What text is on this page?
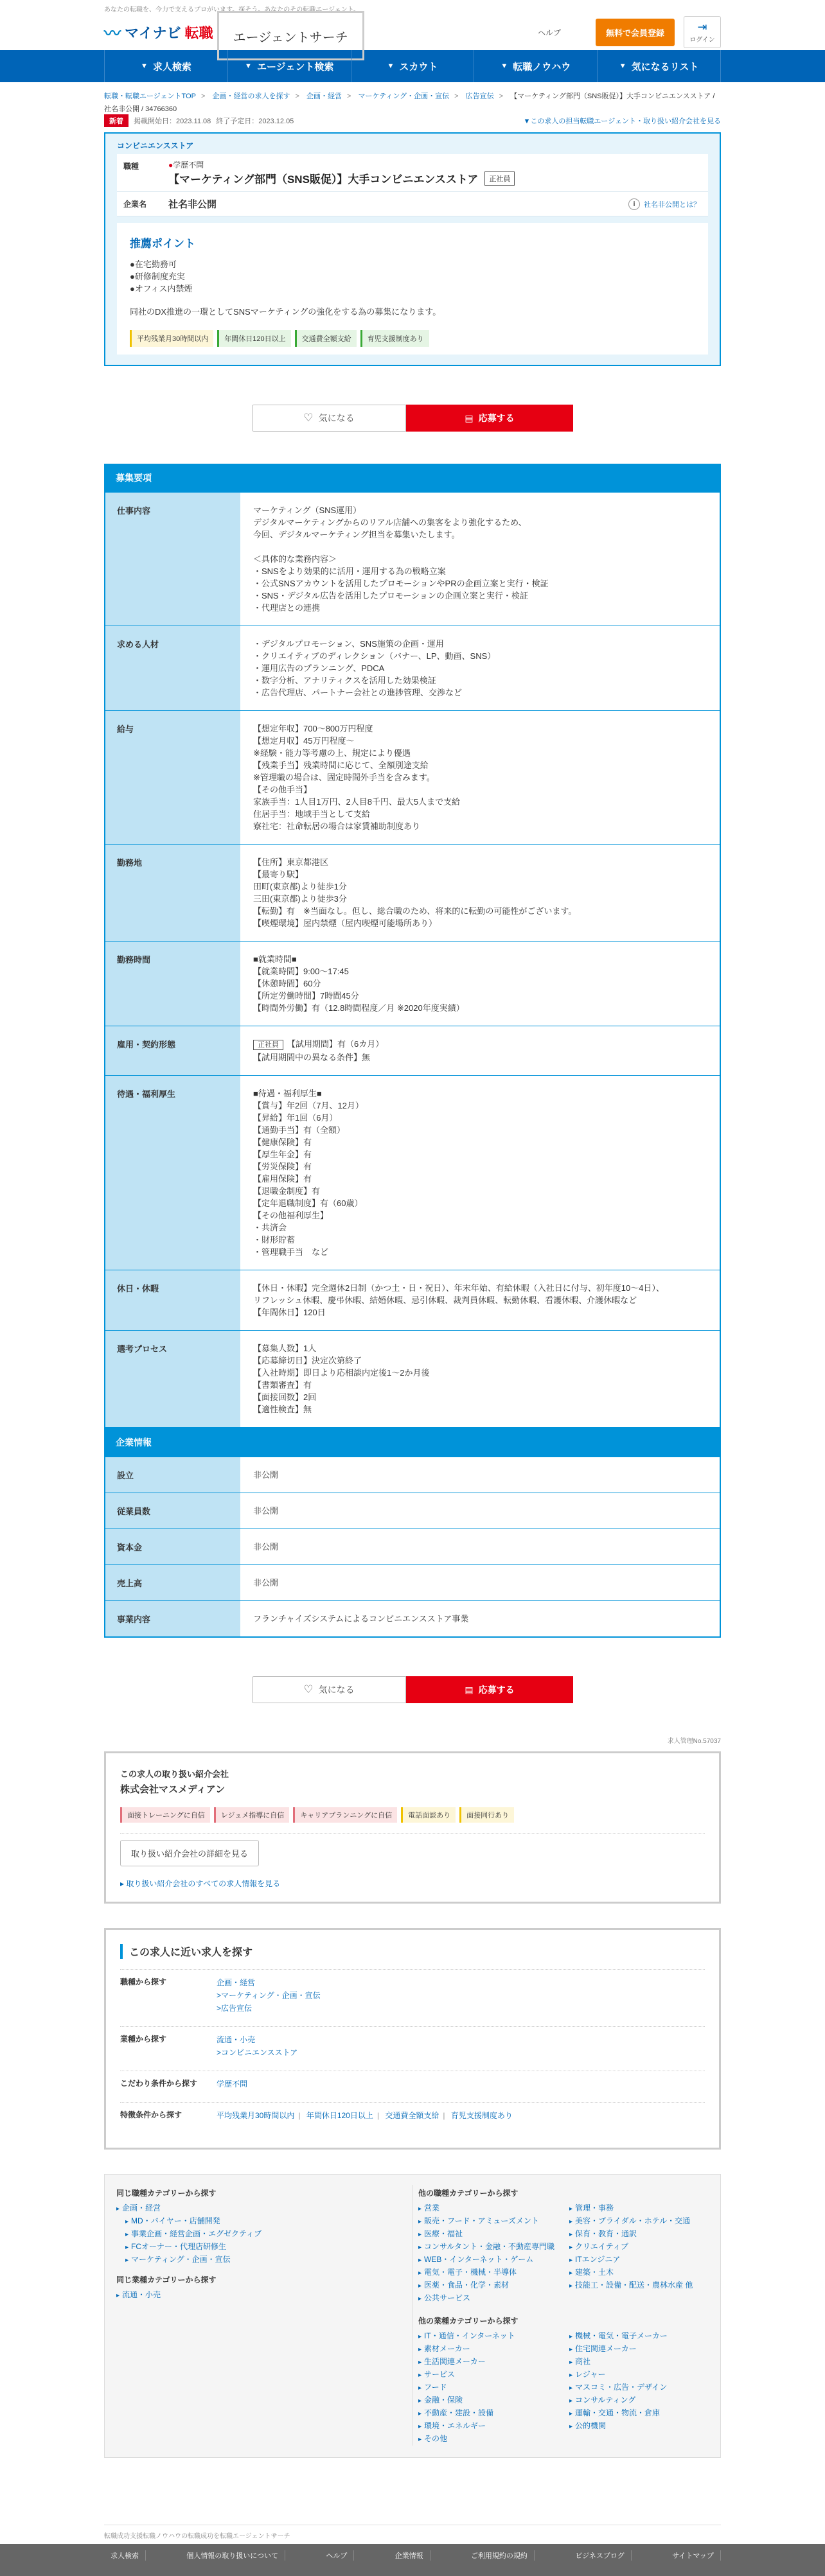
あなたの転職を、今力で支えるプロがいます。探そう。あなたのその転職エージェント。
〰 マイナビ 転職	エージェントサーチ	ヘルプ	無料で会員登録	⇥
ログイン
▼ 求人検索	▼ エージェント検索	▼ スカウト	▼ 転職ノウハウ	▼ 気になるリスト
転職・転職エージェントTOP > 企画・経営の求人を探す > 企画・経営 > マーケティング・企画・宣伝 > 広告宣伝 > 【マーケティング部門（SNS販促）】大手コンビニエンスストア / 社名非公開 / 34766360
新着	掲載開始日：2023.11.08 終了予定日：2023.12.05	▼この求人の担当転職エージェント・取り扱い紹介会社を見る
コンビニエンスストア
職種	●学歴不問
【マーケティング部門（SNS販促）】大手コンビニエンスストア	正社員
企業名	社名非公開	i	社名非公開とは？
推薦ポイント
●在宅勤務可
●研修制度充実
●オフィス内禁煙

同社のDX推進の一環としてSNSマーケティングの強化をする為の募集になります。

平均残業月30時間以内	年間休日120日以上	交通費全額支給	育児支援制度あり
♡ 気になる	▤ 応募する
募集要項
仕事内容	マーケティング（SNS運用）
デジタルマーケティングからのリアル店舗への集客をより強化するため、
今回、デジタルマーケティング担当を募集いたします。

＜具体的な業務内容＞
・SNSをより効果的に活用・運用する為の戦略立案
・公式SNSアカウントを活用したプロモーションやPRの企画立案と実行・検証
・SNS・デジタル広告を活用したプロモーションの企画立案と実行・検証
・代理店との連携
求める人材	・デジタルプロモーション、SNS施策の企画・運用
・クリエイティブのディレクション（バナー、LP、動画、SNS）
・運用広告のプランニング、PDCA
・数字分析、アナリティクスを活用した効果検証
・広告代理店、パートナー会社との進捗管理、交渉など
給与	【想定年収】700〜800万円程度
【想定月収】45万円程度〜
※経験・能力等考慮の上、規定により優遇
【残業手当】残業時間に応じて、全額別途支給
※管理職の場合は、固定時間外手当を含みます。
【その他手当】
家族手当：1人目1万円、2人目8千円、最大5人まで支給
住居手当：地域手当として支給
寮社宅：社命転居の場合は家賃補助制度あり
勤務地	【住所】東京都港区
【最寄り駅】
田町(東京都)より徒歩1分
三田(東京都)より徒歩3分
【転勤】有　※当面なし。但し、総合職のため、将来的に転勤の可能性がございます。
【喫煙環境】屋内禁煙（屋内喫煙可能場所あり）
勤務時間	■就業時間■
【就業時間】9:00〜17:45
【休憩時間】60分
【所定労働時間】7時間45分
【時間外労働】有（12.8時間程度／月 ※2020年度実績）
雇用・契約形態	正社員 【試用期間】有（6カ月）
【試用期間中の異なる条件】無
待遇・福利厚生	■待遇・福利厚生■
【賞与】年2回（7月、12月）
【昇給】年1回（6月）
【通勤手当】有（全額）
【健康保険】有
【厚生年金】有
【労災保険】有
【雇用保険】有
【退職金制度】有
【定年退職制度】有（60歳）
【その他福利厚生】
・共済会
・財形貯蓄
・管理職手当　など
休日・休暇	【休日・休暇】完全週休2日制（かつ土・日・祝日）、年末年始、有給休暇（入社日に付与、初年度10〜4日）、
リフレッシュ休暇、慶弔休暇、結婚休暇、忌引休暇、裁判員休暇、転勤休暇、看護休暇、介護休暇など
【年間休日】120日
選考プロセス	【募集人数】1人
【応募締切日】決定次第終了
【入社時期】即日より応相談内定後1〜2か月後
【書類審査】有
【面接回数】2回
【適性検査】無
企業情報
設立	非公開
従業員数	非公開
資本金	非公開
売上高	非公開
事業内容	フランチャイズシステムによるコンビニエンスストア事業
♡ 気になる	▤ 応募する
求人管理No.57037
この求人の取り扱い紹介会社
株式会社マスメディアン
面接トレーニングに自信	レジュメ指導に自信	キャリアプランニングに自信	電話面談あり	面接同行あり
取り扱い紹介会社の詳細を見る
▸ 取り扱い紹介会社のすべての求人情報を見る
この求人に近い求人を探す
職種から探す	企画・経営
>マーケティング・企画・宣伝
>広告宣伝
業種から探す	流通・小売
>コンビニエンスストア
こだわり条件から探す	学歴不問
特徴条件から探す	平均残業月30時間以内 | 年間休日120日以上 | 交通費全額支給 | 育児支援制度あり
同じ職種カテゴリーから探す
▸ 企画・経営
▸ MD・バイヤー・店舗開発
▸ 事業企画・経営企画・エグゼクティブ
▸ FCオーナー・代理店研修生
▸ マーケティング・企画・宣伝
同じ業種カテゴリーから探す
▸ 流通・小売
他の職種カテゴリーから探す
▸ 営業	▸ 管理・事務
▸ 販売・フード・アミューズメント	▸ 美容・ブライダル・ホテル・交通
▸ 医療・福祉	▸ 保育・教育・通訳
▸ コンサルタント・金融・不動産専門職	▸ クリエイティブ
▸ WEB・インターネット・ゲーム	▸ ITエンジニア
▸ 電気・電子・機械・半導体	▸ 建築・土木
▸ 医薬・食品・化学・素材	▸ 技能工・設備・配送・農林水産 他
▸ 公共サービス
他の業種カテゴリーから探す
▸ IT・通信・インターネット	▸ 機械・電気・電子メーカー
▸ 素材メーカー	▸ 住宅関連メーカー
▸ 生活関連メーカー	▸ 商社
▸ サービス	▸ レジャー
▸ フード	▸ マスコミ・広告・デザイン
▸ 金融・保険	▸ コンサルティング
▸ 不動産・建設・設備	▸ 運輸・交通・物流・倉庫
▸ 環境・エネルギー	▸ 公的機関
▸ その他
転職成功支援転職ノウハウの転職成功を転職エージェントサーチ
求人検索	個人情報の取り扱いについて	ヘルプ	企業情報	ご利用規約の規約	ビジネスブログ	サイトマップ
